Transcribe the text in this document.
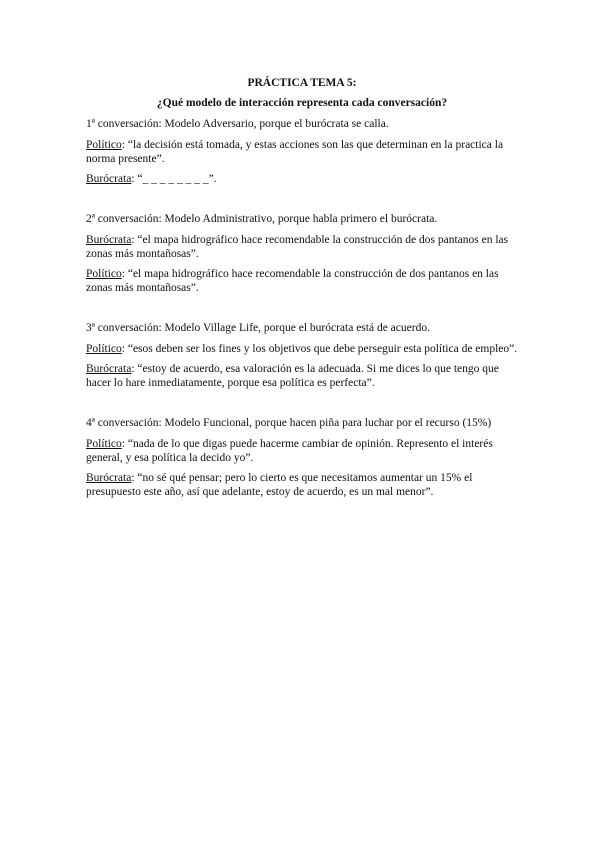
PRÁCTICA TEMA 5:

¿Qué modelo de interacción representa cada conversación?

1ª conversación: Modelo Adversario, porque el burócrata se calla.

Político: “la decisión está tomada, y estas acciones son las que determinan en la practica la norma presente”.

Burócrata: “_ _ _ _ _ _ _ _”.

2ª conversación: Modelo Administrativo, porque habla primero el burócrata.

Burócrata: “el mapa hidrográfico hace recomendable la construcción de dos pantanos en las zonas más montañosas”.

Político: “el mapa hidrográfico hace recomendable la construcción de dos pantanos en las zonas más montañosas”.

3ª conversación: Modelo Village Life, porque el burócrata está de acuerdo.

Político: “esos deben ser los fines y los objetivos que debe perseguir esta política de empleo”.

Burócrata: “estoy de acuerdo, esa valoración es la adecuada. Si me dices lo que tengo que hacer lo hare inmediatamente, porque esa política es perfecta”.

4ª conversación: Modelo Funcional, porque hacen piña para luchar por el recurso (15%)

Político: “nada de lo que digas puede hacerme cambiar de opinión. Represento el interés general, y esa política la decido yo”.

Burócrata: “no sé qué pensar; pero lo cierto es que necesitamos aumentar un 15% el presupuesto este año, así que adelante, estoy de acuerdo, es un mal menor”.
